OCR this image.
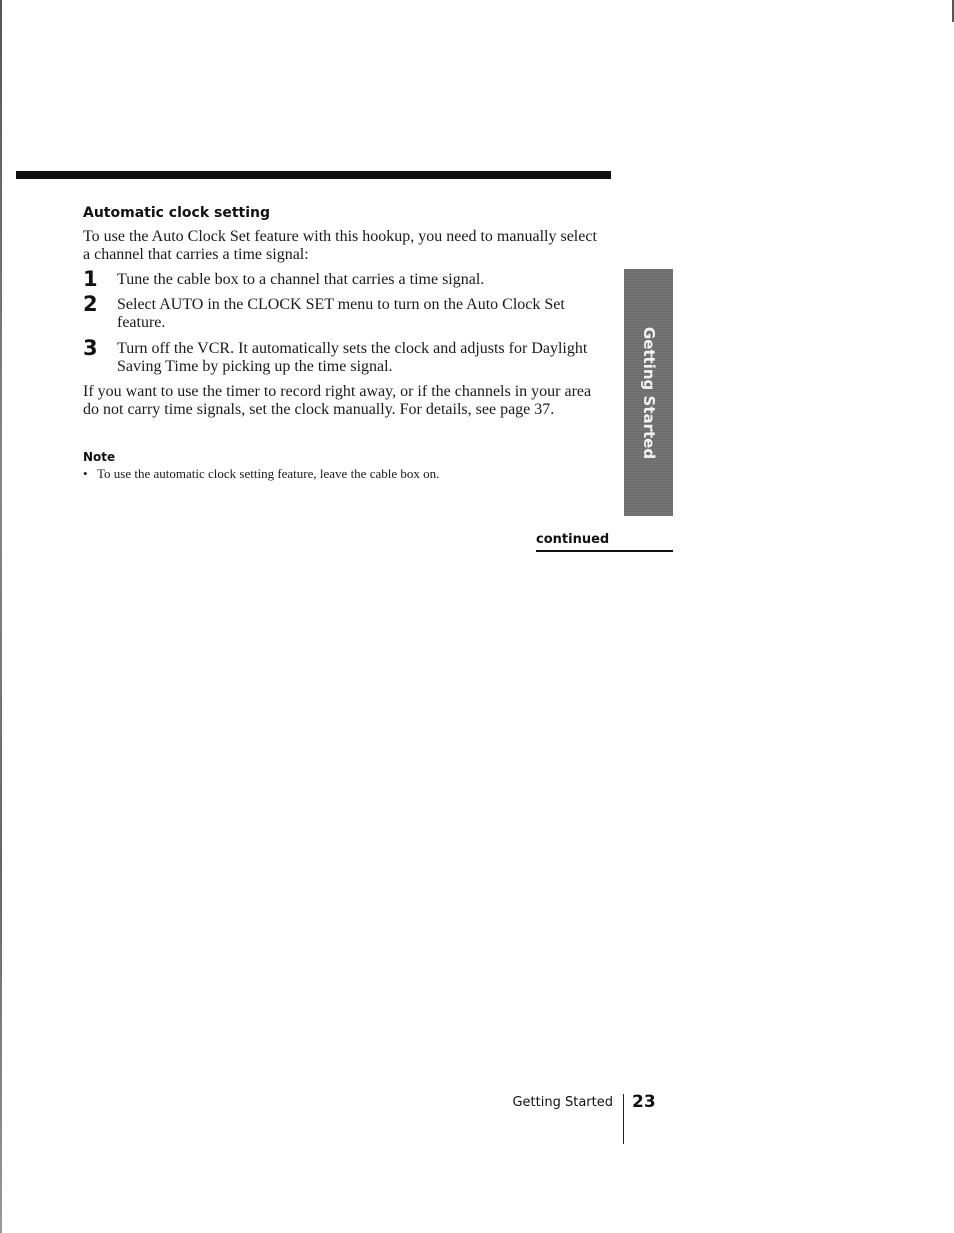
Automatic clock setting

To use the Auto Clock Set feature with this hookup, you need to manually select a channel that carries a time signal:

1 Tune the cable box to a channel that carries a time signal.

2 Select AUTO in the CLOCK SET menu to turn on the Auto Clock Set feature.

3 Turn off the VCR. It automatically sets the clock and adjusts for Daylight Saving Time by picking up the time signal.

If you want to use the timer to record right away, or if the channels in your area do not carry time signals, set the clock manually. For details, see page 37.

Note
• To use the automatic clock setting feature, leave the cable box on.
Getting Started
continued
Getting Started 23
